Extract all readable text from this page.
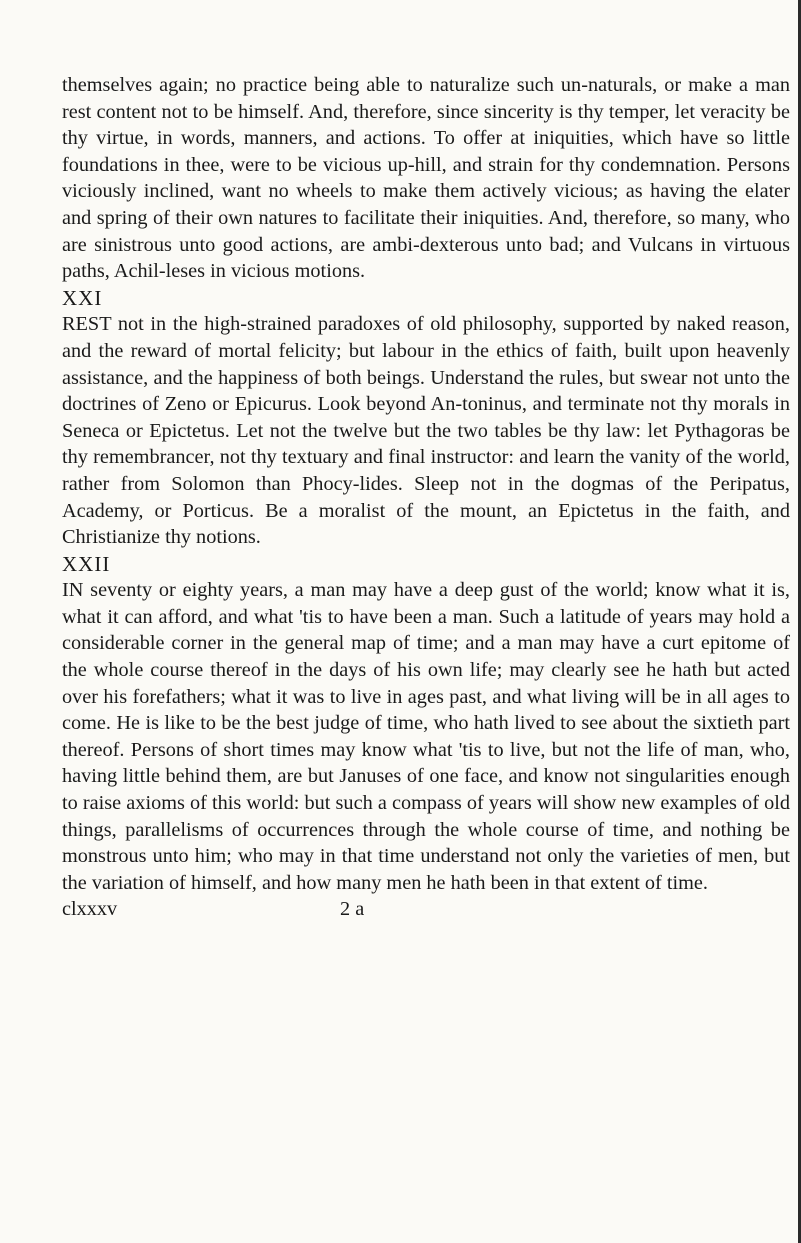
themselves again; no practice being able to naturalize such un-naturals, or make a man rest content not to be himself. And, therefore, since sincerity is thy temper, let veracity be thy virtue, in words, manners, and actions. To offer at iniquities, which have so little foundations in thee, were to be vicious up-hill, and strain for thy condemnation. Persons viciously inclined, want no wheels to make them actively vicious; as having the elater and spring of their own natures to facilitate their iniquities. And, therefore, so many, who are sinistrous unto good actions, are ambi-dexterous unto bad; and Vulcans in virtuous paths, Achil-leses in vicious motions.

XXI

REST not in the high-strained paradoxes of old philosophy, supported by naked reason, and the reward of mortal felicity; but labour in the ethics of faith, built upon heavenly assistance, and the happiness of both beings. Understand the rules, but swear not unto the doctrines of Zeno or Epicurus. Look beyond An-toninus, and terminate not thy morals in Seneca or Epictetus. Let not the twelve but the two tables be thy law: let Pythagoras be thy remembrancer, not thy textuary and final instructor: and learn the vanity of the world, rather from Solomon than Phocy-lides. Sleep not in the dogmas of the Peripatus, Academy, or Porticus. Be a moralist of the mount, an Epictetus in the faith, and Christianize thy notions.

XXII

IN seventy or eighty years, a man may have a deep gust of the world; know what it is, what it can afford, and what 'tis to have been a man. Such a latitude of years may hold a considerable corner in the general map of time; and a man may have a curt epitome of the whole course thereof in the days of his own life; may clearly see he hath but acted over his forefathers; what it was to live in ages past, and what living will be in all ages to come. He is like to be the best judge of time, who hath lived to see about the sixtieth part thereof. Persons of short times may know what 'tis to live, but not the life of man, who, having little behind them, are but Januses of one face, and know not singularities enough to raise axioms of this world: but such a compass of years will show new examples of old things, parallelisms of occurrences through the whole course of time, and nothing be monstrous unto him; who may in that time understand not only the varieties of men, but the variation of himself, and how many men he hath been in that extent of time.

clxxxv	2 a
